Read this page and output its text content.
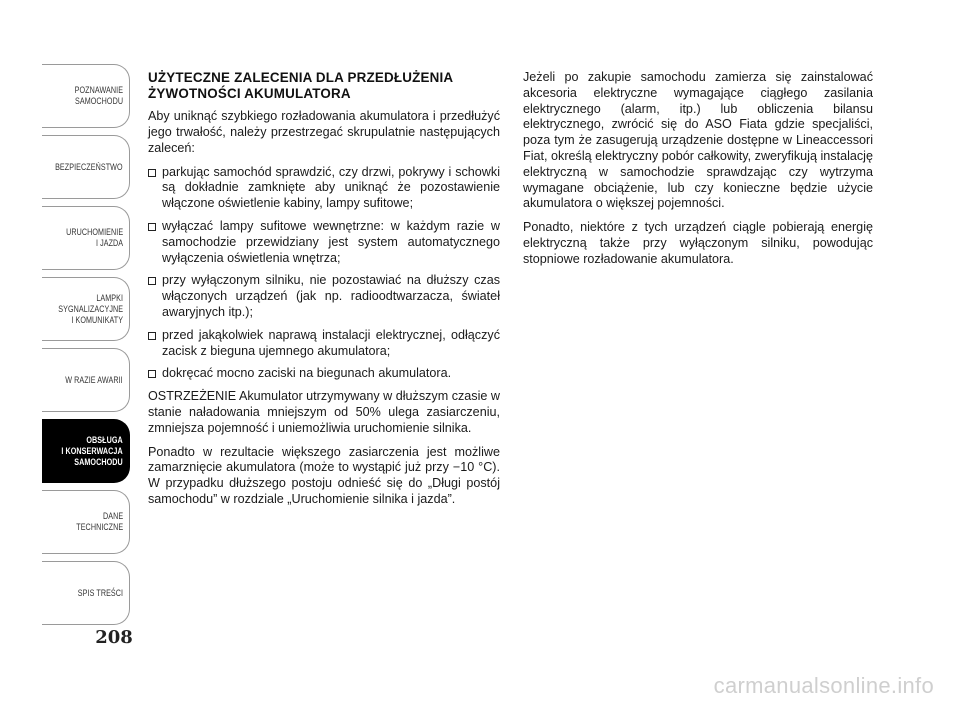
POZNAWANIE
SAMOCHODU
BEZPIECZEŃSTWO
URUCHOMIENIE
I JAZDA
LAMPKI
SYGNALIZACYJNE
I KOMUNIKATY
W RAZIE AWARII
OBSŁUGA
I KONSERWACJA
SAMOCHODU
DANE
TECHNICZNE
SPIS TREŚCI
208
UŻYTECZNE ZALECENIA DLA PRZEDŁUŻENIA ŻYWOTNOŚCI AKUMULATORA

Aby uniknąć szybkiego rozładowania akumulatora i przedłużyć jego trwałość, należy przestrzegać skrupulatnie następujących zaleceń:

parkując samochód sprawdzić, czy drzwi, pokrywy i schowki są dokładnie zamknięte aby uniknąć że pozostawienie włączone oświetlenie kabiny, lampy sufitowe;
wyłączać lampy sufitowe wewnętrzne: w każdym razie w samochodzie przewidziany jest system automatycznego wyłączenia oświetlenia wnętrza;
przy wyłączonym silniku, nie pozostawiać na dłuższy czas włączonych urządzeń (jak np. radioodtwarzacza, świateł awaryjnych itp.);
przed jakąkolwiek naprawą instalacji elektrycznej, odłączyć zacisk z bieguna ujemnego akumulatora;
dokręcać mocno zaciski na biegunach akumulatora.

OSTRZEŻENIE Akumulator utrzymywany w dłuższym czasie w stanie naładowania mniejszym od 50% ulega zasiarczeniu, zmniejsza pojemność i uniemożliwia uruchomienie silnika.

Ponadto w rezultacie większego zasiarczenia jest możliwe zamarznięcie akumulatora (może to wystąpić już przy −10 °C). W przypadku dłuższego postoju odnieść się do „Długi postój samochodu” w rozdziale „Uruchomienie silnika i jazda”.

Jeżeli po zakupie samochodu zamierza się zainstalować akcesoria elektryczne wymagające ciągłego zasilania elektrycznego (alarm, itp.) lub obliczenia bilansu elektrycznego, zwrócić się do ASO Fiata gdzie specjaliści, poza tym że zasugerują urządzenie dostępne w Lineaccessori Fiat, określą elektryczny pobór całkowity, zweryfikują instalację elektryczną w samochodzie sprawdzając czy wytrzyma wymagane obciążenie, lub czy konieczne będzie użycie akumulatora o większej pojemności.

Ponadto, niektóre z tych urządzeń ciągle pobierają energię elektryczną także przy wyłączonym silniku, powodując stopniowe rozładowanie akumulatora.

carmanualsonline.info
